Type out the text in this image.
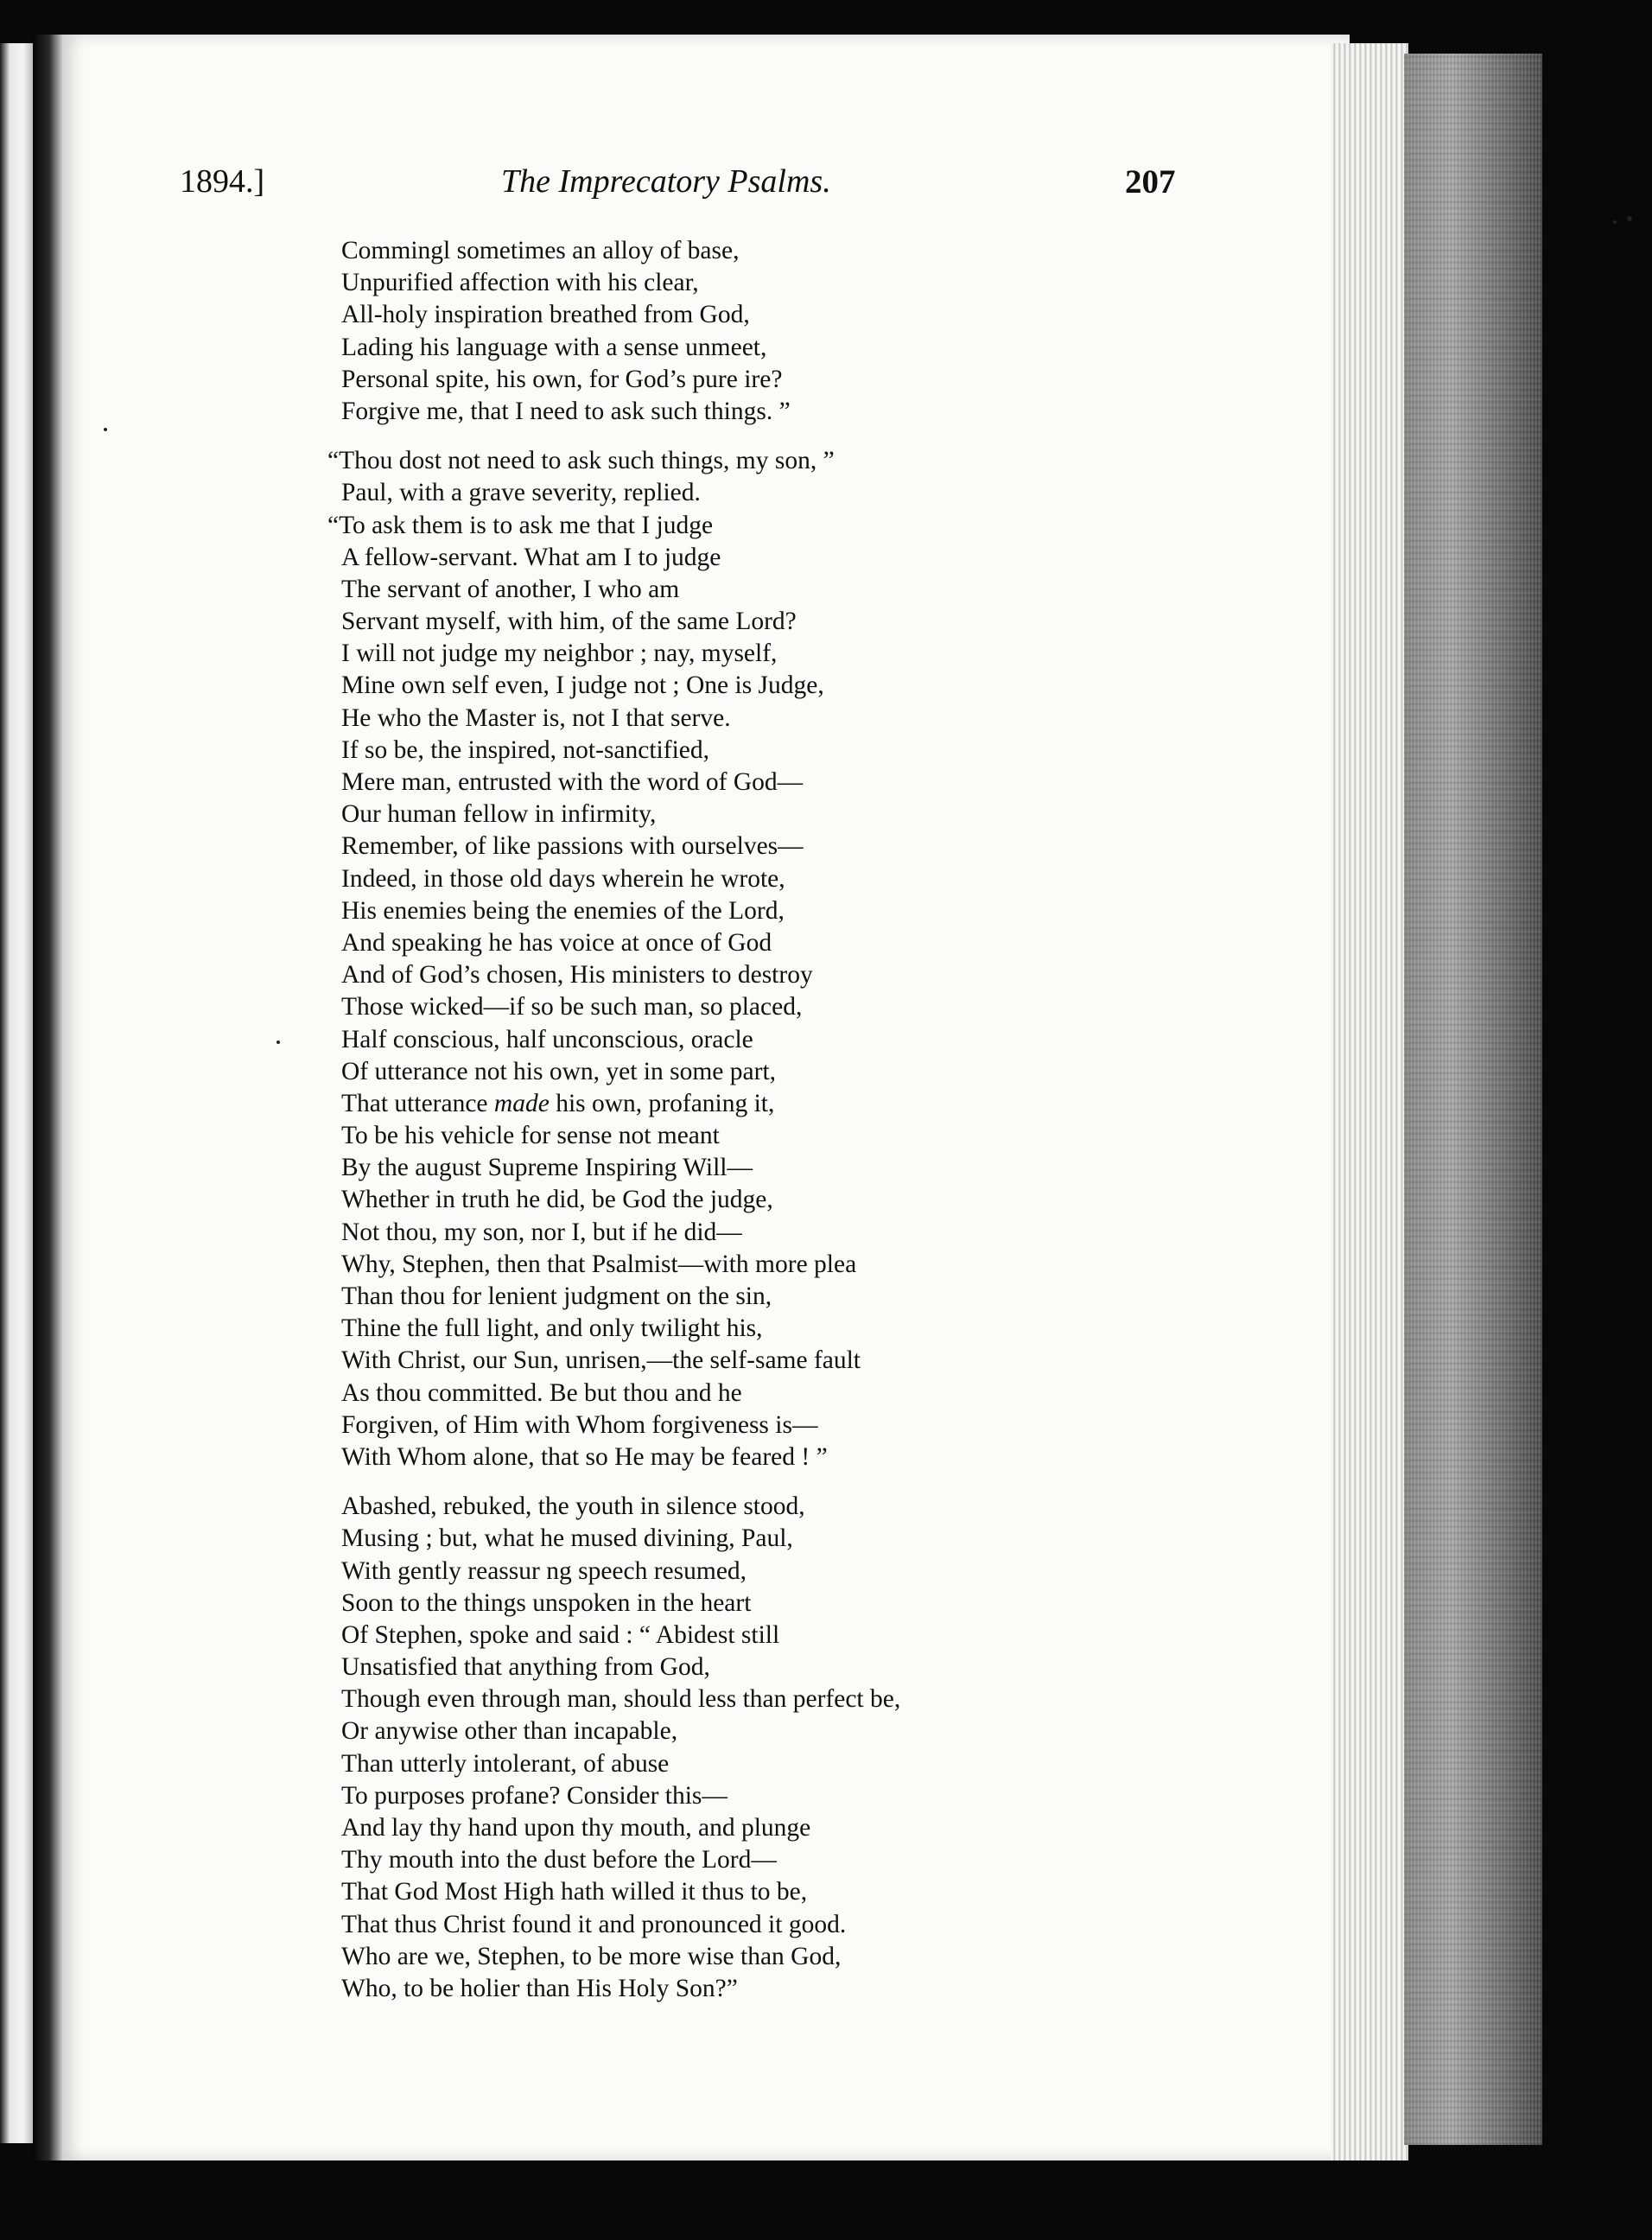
1894.]	The Imprecatory Psalms.	207
Commingl sometimes an alloy of base,
Unpurified affection with his clear,
All-holy inspiration breathed from God,
Lading his language with a sense unmeet,
Personal spite, his own, for God’s pure ire?
Forgive me, that I need to ask such things. ”
“Thou dost not need to ask such things, my son, ”
Paul, with a grave severity, replied.
“To ask them is to ask me that I judge
A fellow-servant. What am I to judge
The servant of another, I who am
Servant myself, with him, of the same Lord?
I will not judge my neighbor ; nay, myself,
Mine own self even, I judge not ; One is Judge,
He who the Master is, not I that serve.
If so be, the inspired, not-sanctified,
Mere man, entrusted with the word of God—
Our human fellow in infirmity,
Remember, of like passions with ourselves—
Indeed, in those old days wherein he wrote,
His enemies being the enemies of the Lord,
And speaking he has voice at once of God
And of God’s chosen, His ministers to destroy
Those wicked—if so be such man, so placed,
Half conscious, half unconscious, oracle
Of utterance not his own, yet in some part,
That utterance made his own, profaning it,
To be his vehicle for sense not meant
By the august Supreme Inspiring Will—
Whether in truth he did, be God the judge,
Not thou, my son, nor I, but if he did—
Why, Stephen, then that Psalmist—with more plea
Than thou for lenient judgment on the sin,
Thine the full light, and only twilight his,
With Christ, our Sun, unrisen,—the self-same fault
As thou committed. Be but thou and he
Forgiven, of Him with Whom forgiveness is—
With Whom alone, that so He may be feared ! ”
Abashed, rebuked, the youth in silence stood,
Musing ; but, what he mused divining, Paul,
With gently reassur ng speech resumed,
Soon to the things unspoken in the heart
Of Stephen, spoke and said : “ Abidest still
Unsatisfied that anything from God,
Though even through man, should less than perfect be,
Or anywise other than incapable,
Than utterly intolerant, of abuse
To purposes profane? Consider this—
And lay thy hand upon thy mouth, and plunge
Thy mouth into the dust before the Lord—
That God Most High hath willed it thus to be,
That thus Christ found it and pronounced it good.
Who are we, Stephen, to be more wise than God,
Who, to be holier than His Holy Son?”
